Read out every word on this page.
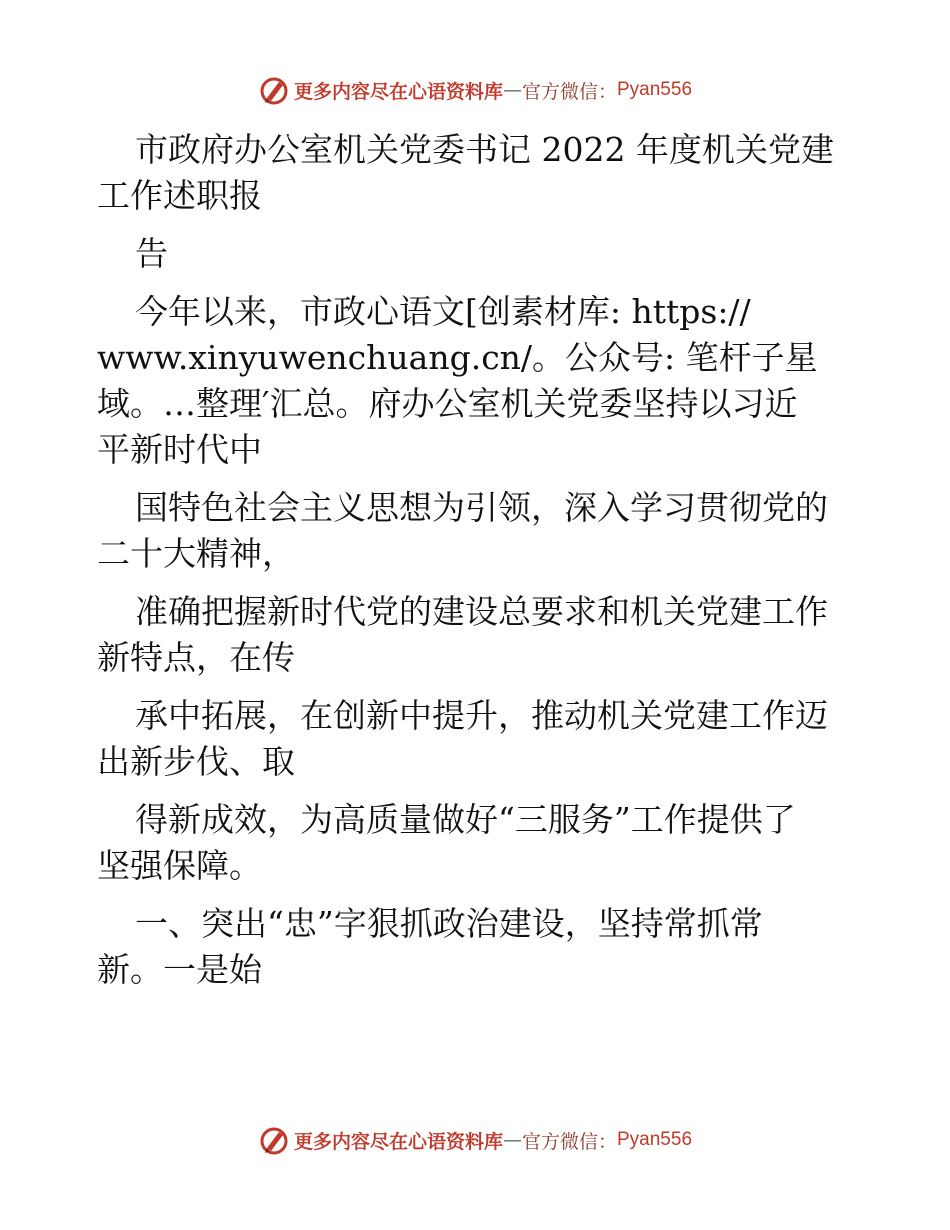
更多内容尽在心语资料库 — 官方微信： Pyan556

市政府办公室机关党委书记 2022 年度机关党建

工作述职报

告

今年以来，市政心语文[创素材库: https://

www.xinyuwenchuang.cn/。公众号: 笔杆子星

域。…整理′汇总。府办公室机关党委坚持以习近

平新时代中

国特色社会主义思想为引领，深入学习贯彻党的

二十大精神，

准确把握新时代党的建设总要求和机关党建工作

新特点，在传

承中拓展，在创新中提升，推动机关党建工作迈

出新步伐、取

得新成效，为高质量做好“三服务”工作提供了

坚强保障。

一、突出“忠”字狠抓政治建设，坚持常抓常

新。一是始

更多内容尽在心语资料库 — 官方微信： Pyan556
